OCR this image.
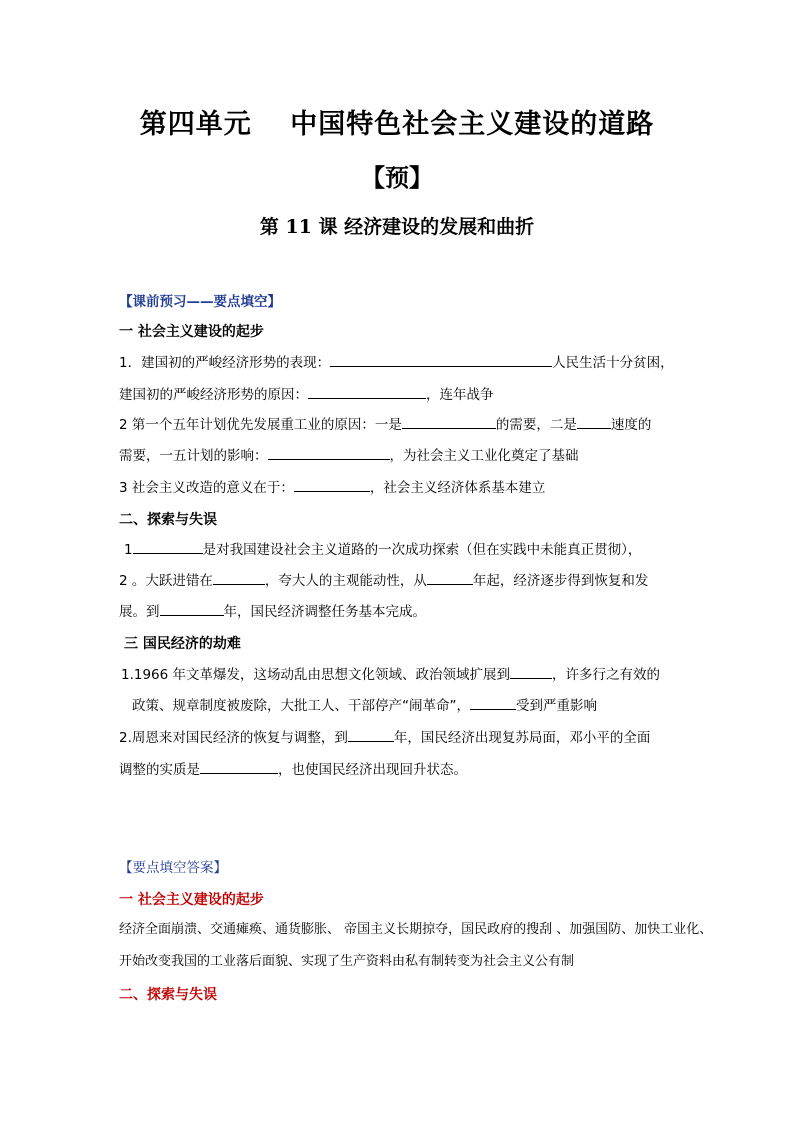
第四单元　 中国特色社会主义建设的道路
【预】
第 11 课 经济建设的发展和曲折
【课前预习——要点填空】
一 社会主义建设的起步
1．建国初的严峻经济形势的表现：	人民生活十分贫困，
建国初的严峻经济形势的原因：	，连年战争
2 第一个五年计划优先发展重工业的原因：一是	的需要，二是	速度的
需要，一五计划的影响：	，为社会主义工业化奠定了基础
3 社会主义改造的意义在于：	，社会主义经济体系基本建立
二、探索与失误
1	是对我国建设社会主义道路的一次成功探索（但在实践中未能真正贯彻），
2 。大跃进错在	，夸大人的主观能动性，从	年起，经济逐步得到恢复和发
展。到	年，国民经济调整任务基本完成。
三 国民经济的劫难
1.1966 年文革爆发，这场动乱由思想文化领域、政治领域扩展到	，许多行之有效的
政策、规章制度被废除，大批工人、干部停产“闹革命”，	受到严重影响
2.周恩来对国民经济的恢复与调整，到	年，国民经济出现复苏局面，邓小平的全面
调整的实质是	，也使国民经济出现回升状态。
【要点填空答案】
一 社会主义建设的起步
经济全面崩溃、交通瘫痪、通货膨胀、 帝国主义长期掠夺，国民政府的搜刮 、加强国防、加快工业化、
开始改变我国的工业落后面貌、实现了生产资料由私有制转变为社会主义公有制
二、探索与失误
